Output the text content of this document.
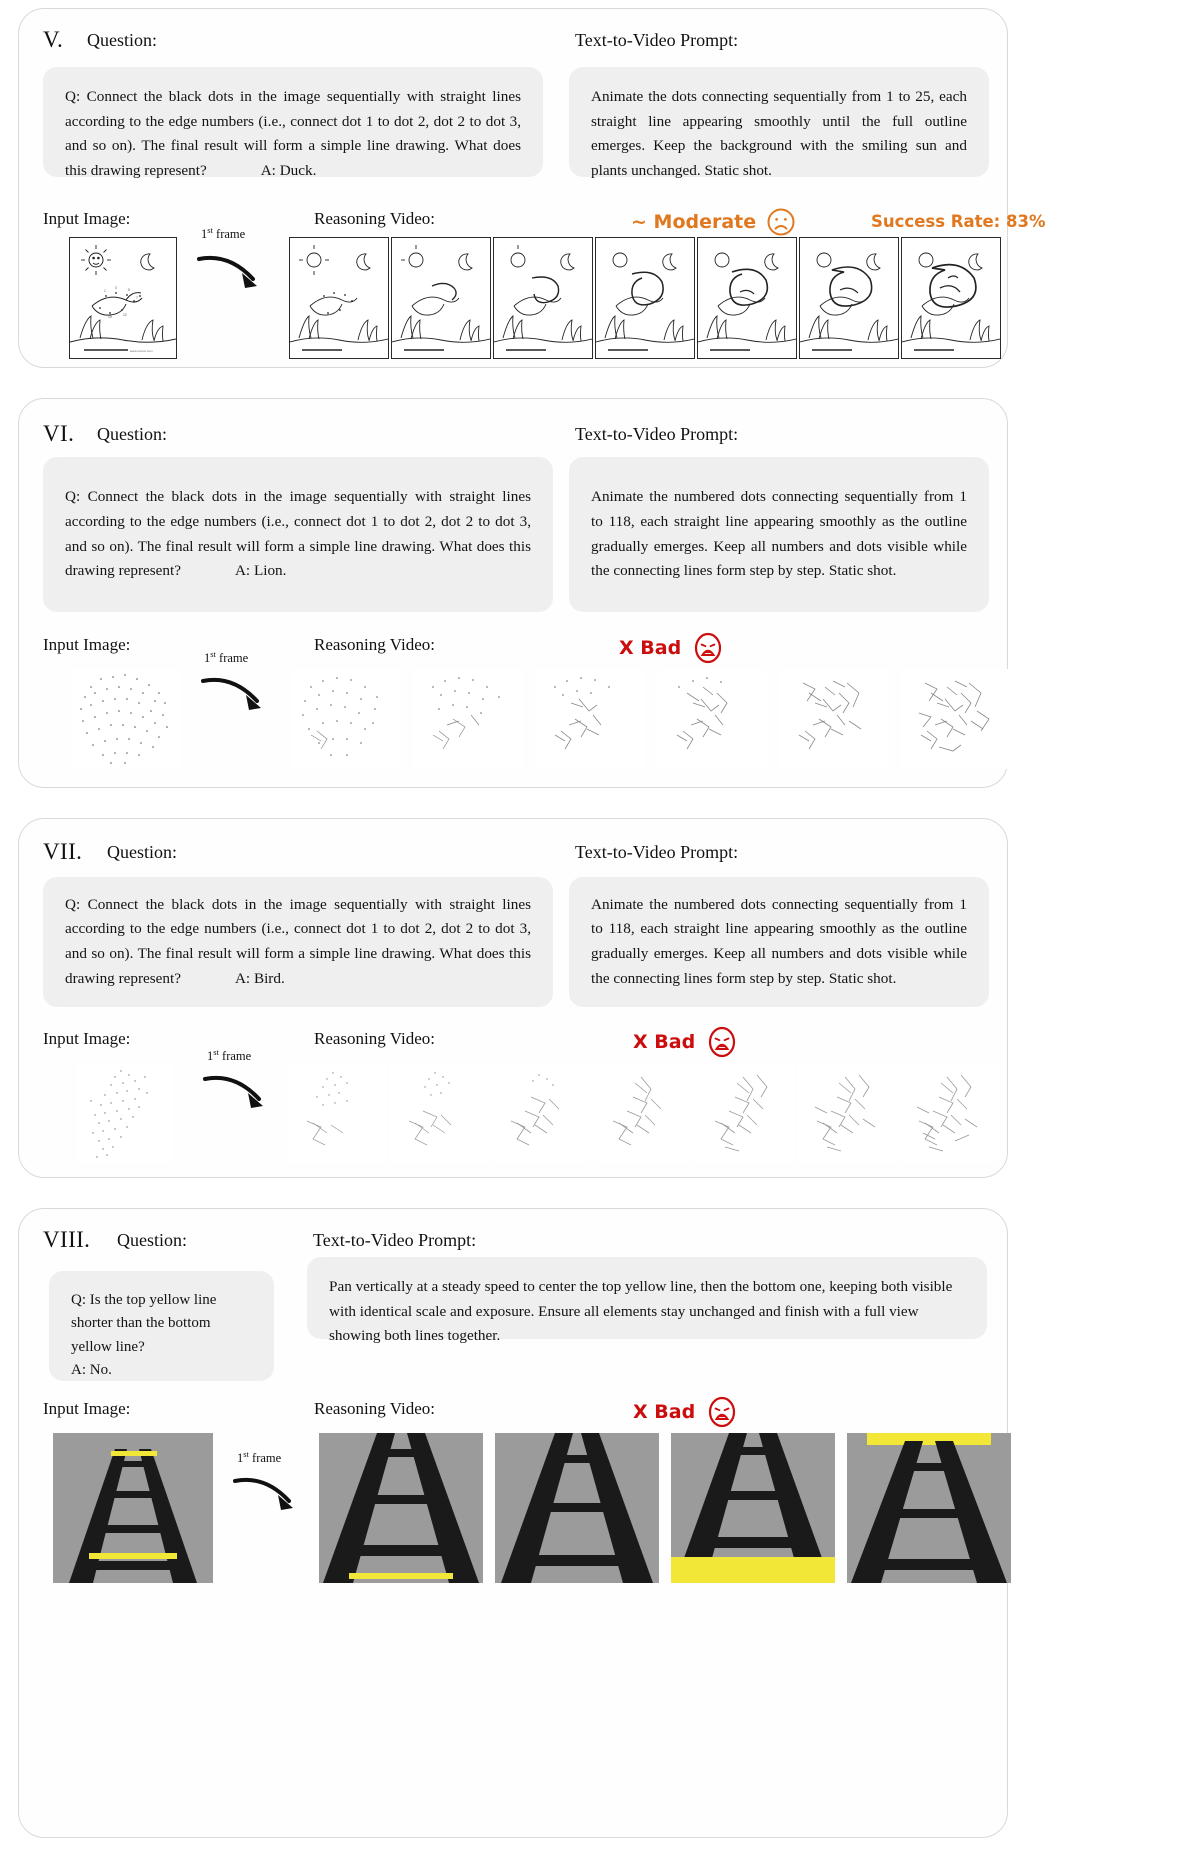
V. Question:	Text-to-Video Prompt:

Q: Connect the black dots in the image sequentially with straight lines according to the edge numbers (i.e., connect dot 1 to dot 2, dot 2 to dot 3, and so on). The final result will form a simple line drawing. What does this drawing represent?	A: Duck.

Animate the dots connecting sequentially from 1 to 25, each straight line appearing smoothly until the full outline emerges. Keep the background with the smiling sun and plants unchanged. Static shot.

Input Image:	Reasoning Video:	~ Moderate	Success Rate: 83%
1
3	5
7
12
15
www.xxxxxx.com
1st frame
VI. Question:	Text-to-Video Prompt:

Q: Connect the black dots in the image sequentially with straight lines according to the edge numbers (i.e., connect dot 1 to dot 2, dot 2 to dot 3, and so on). The final result will form a simple line drawing. What does this drawing represent?	A: Lion.

Animate the numbered dots connecting sequentially from 1 to 118, each straight line appearing smoothly as the outline gradually emerges. Keep all numbers and dots visible while the connecting lines form step by step. Static shot.

Input Image:	Reasoning Video:	X Bad
1st frame
VII. Question:	Text-to-Video Prompt:

Q: Connect the black dots in the image sequentially with straight lines according to the edge numbers (i.e., connect dot 1 to dot 2, dot 2 to dot 3, and so on). The final result will form a simple line drawing. What does this drawing represent?	A: Bird.

Animate the numbered dots connecting sequentially from 1 to 118, each straight line appearing smoothly as the outline gradually emerges. Keep all numbers and dots visible while the connecting lines form step by step. Static shot.

Input Image:	Reasoning Video:	X Bad
1st frame
VIII. Question:	Text-to-Video Prompt:

Q: Is the top yellow line shorter than the bottom yellow line?
A: No.

Pan vertically at a steady speed to center the top yellow line, then the bottom one, keeping both visible with identical scale and exposure. Ensure all elements stay unchanged and finish with a full view showing both lines together.

Input Image:	Reasoning Video:	X Bad
1st frame
